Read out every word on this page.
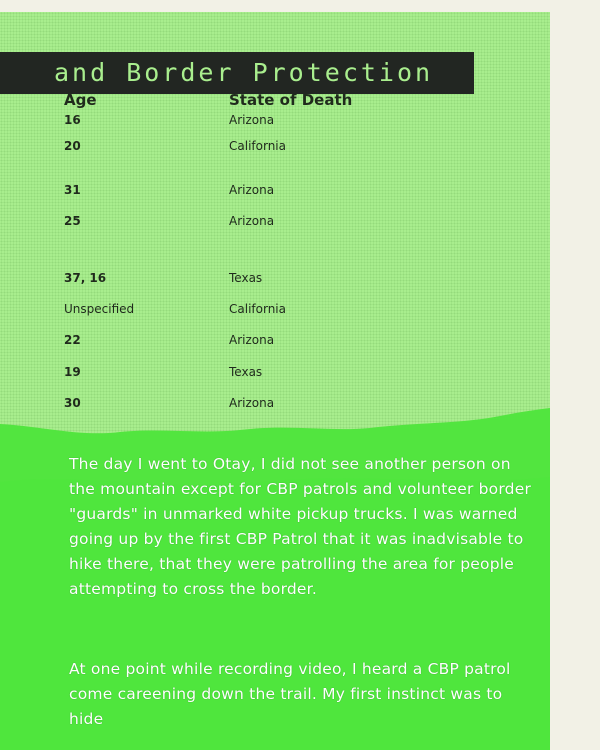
and Border Protection
Age	State of Death
16	Arizona
20	California
31	Arizona
25	Arizona
37, 16	Texas
Unspecified	California
22	Arizona
19	Texas
30	Arizona
The day I went to Otay, I did not see another person on the mountain except for CBP patrols and volunteer border "guards" in unmarked white pickup trucks. I was warned going up by the first CBP Patrol that it was inadvisable to hike there, that they were patrolling the area for people attempting to cross the border.
At one point while recording video, I heard a CBP patrol come careening down the trail. My first instinct was to hide
